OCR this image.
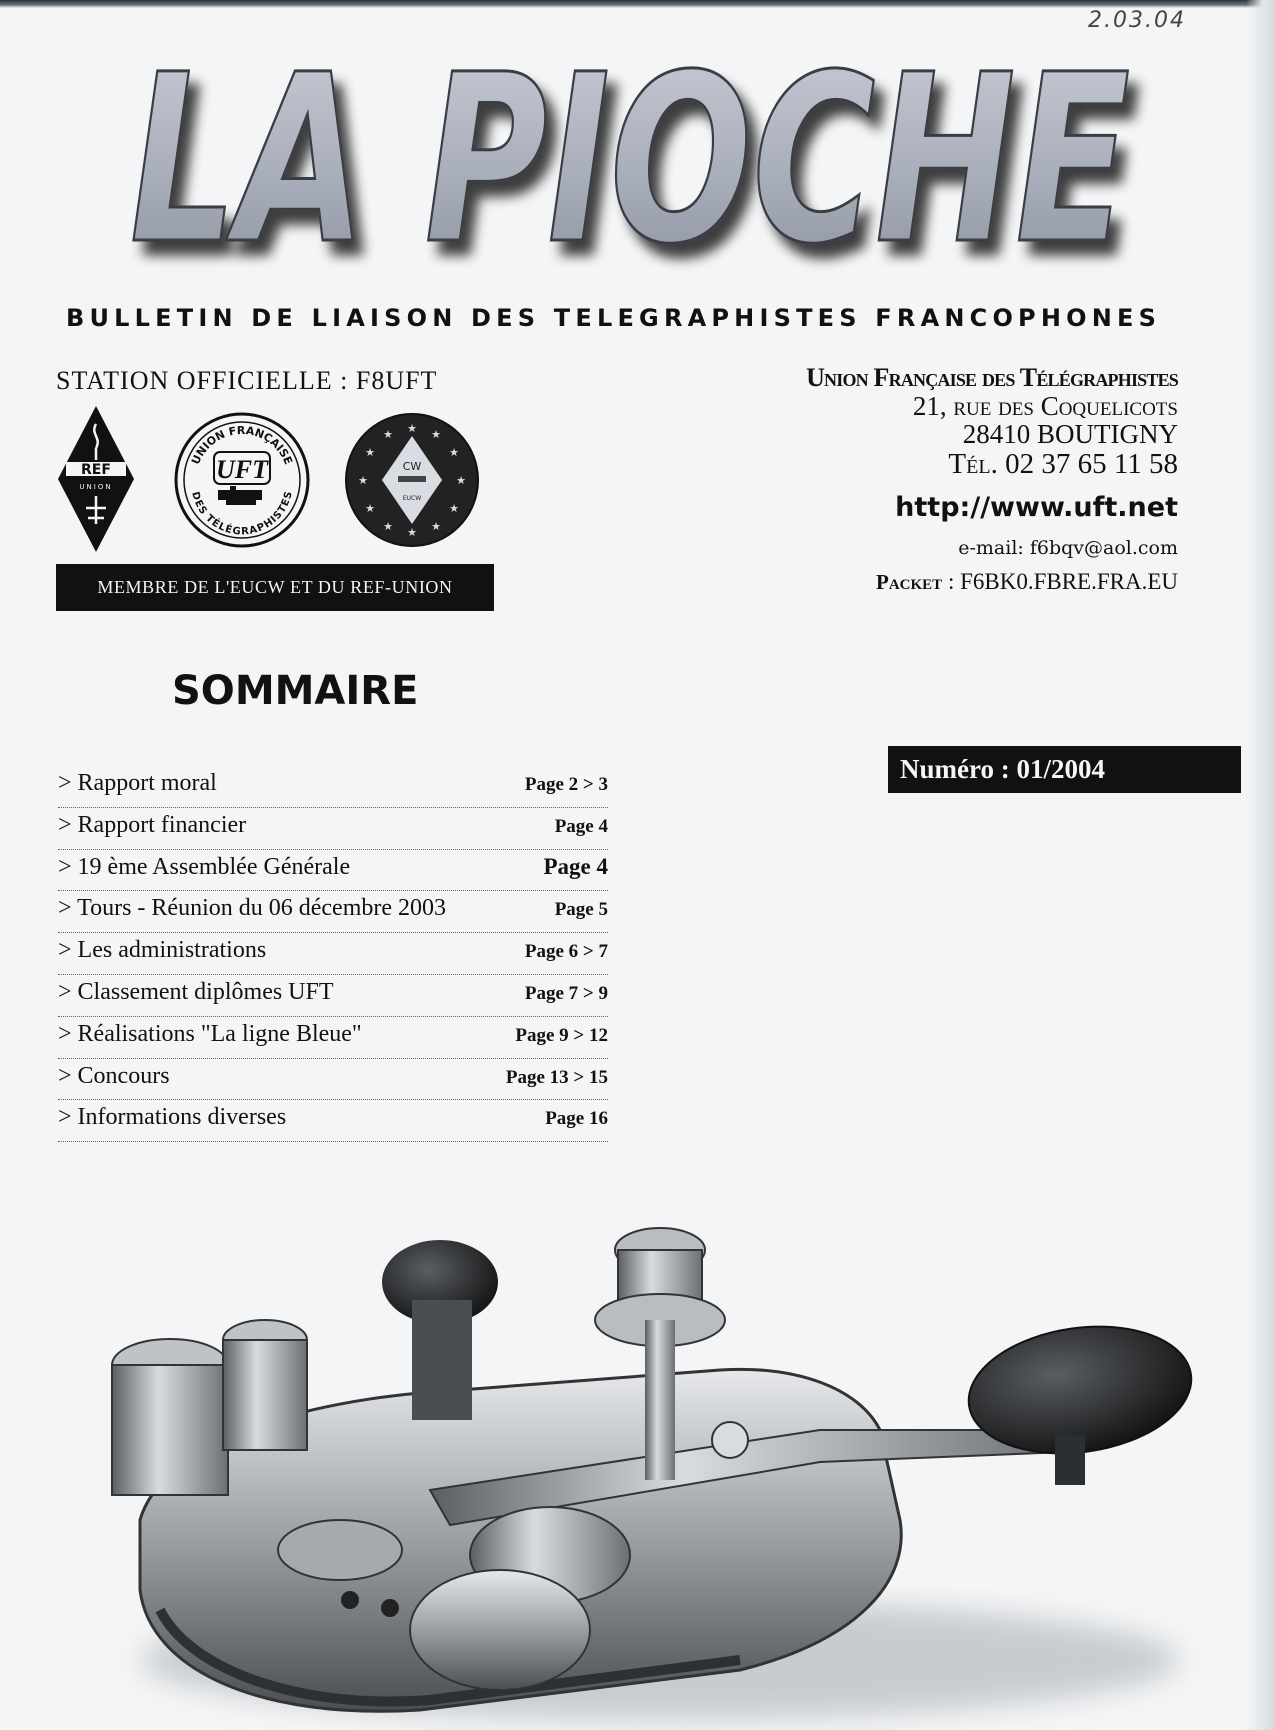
2.03.04
LA PIOCHE
BULLETIN DE LIAISON DES TELEGRAPHISTES FRANCOPHONES
STATION OFFICIELLE : F8UFT
REF
UNION
UNION FRANÇAISE
DES TÉLÉGRAPHISTES
UFT
★ ★
★
★
★
★
★
★
★
★
★
★
CW
EUCW
MEMBRE DE L'EUCW ET DU REF-UNION
Union Française des Télégraphistes
21, rue des Coquelicots
28410 BOUTIGNY
Tél. 02 37 65 11 58
http://www.uft.net
e-mail: f6bqv@aol.com
Packet : F6BK0.FBRE.FRA.EU
SOMMAIRE
Numéro : 01/2004
> Rapport moral	Page 2 > 3
> Rapport financier	Page 4
> 19 ème Assemblée Générale	Page 4
> Tours - Réunion du 06 décembre 2003	Page 5
> Les administrations	Page 6 > 7
> Classement diplômes UFT	Page 7 > 9
> Réalisations "La ligne Bleue"	Page 9 > 12
> Concours	Page 13 > 15
> Informations diverses	Page 16
